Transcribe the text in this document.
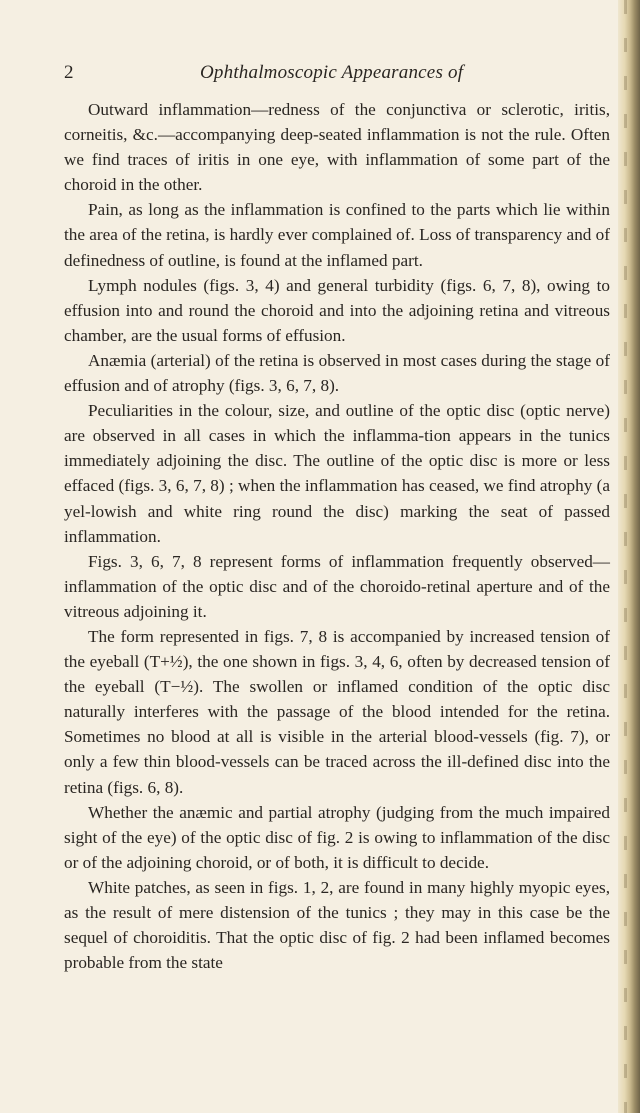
2	Ophthalmoscopic Appearances of

Outward inflammation—redness of the conjunctiva or sclerotic, iritis, corneitis, &c.—accompanying deep-seated inflammation is not the rule. Often we find traces of iritis in one eye, with inflammation of some part of the choroid in the other.

Pain, as long as the inflammation is confined to the parts which lie within the area of the retina, is hardly ever complained of. Loss of transparency and of definedness of outline, is found at the inflamed part.

Lymph nodules (figs. 3, 4) and general turbidity (figs. 6, 7, 8), owing to effusion into and round the choroid and into the adjoining retina and vitreous chamber, are the usual forms of effusion.

Anæmia (arterial) of the retina is observed in most cases during the stage of effusion and of atrophy (figs. 3, 6, 7, 8).

Peculiarities in the colour, size, and outline of the optic disc (optic nerve) are observed in all cases in which the inflamma-tion appears in the tunics immediately adjoining the disc. The outline of the optic disc is more or less effaced (figs. 3, 6, 7, 8) ; when the inflammation has ceased, we find atrophy (a yel-lowish and white ring round the disc) marking the seat of passed inflammation.

Figs. 3, 6, 7, 8 represent forms of inflammation frequently observed—inflammation of the optic disc and of the choroido-retinal aperture and of the vitreous adjoining it.

The form represented in figs. 7, 8 is accompanied by increased tension of the eyeball (T+½), the one shown in figs. 3, 4, 6, often by decreased tension of the eyeball (T−½). The swollen or inflamed condition of the optic disc naturally interferes with the passage of the blood intended for the retina. Sometimes no blood at all is visible in the arterial blood-vessels (fig. 7), or only a few thin blood-vessels can be traced across the ill-defined disc into the retina (figs. 6, 8).

Whether the anæmic and partial atrophy (judging from the much impaired sight of the eye) of the optic disc of fig. 2 is owing to inflammation of the disc or of the adjoining choroid, or of both, it is difficult to decide.

White patches, as seen in figs. 1, 2, are found in many highly myopic eyes, as the result of mere distension of the tunics ; they may in this case be the sequel of choroiditis. That the optic disc of fig. 2 had been inflamed becomes probable from the state
